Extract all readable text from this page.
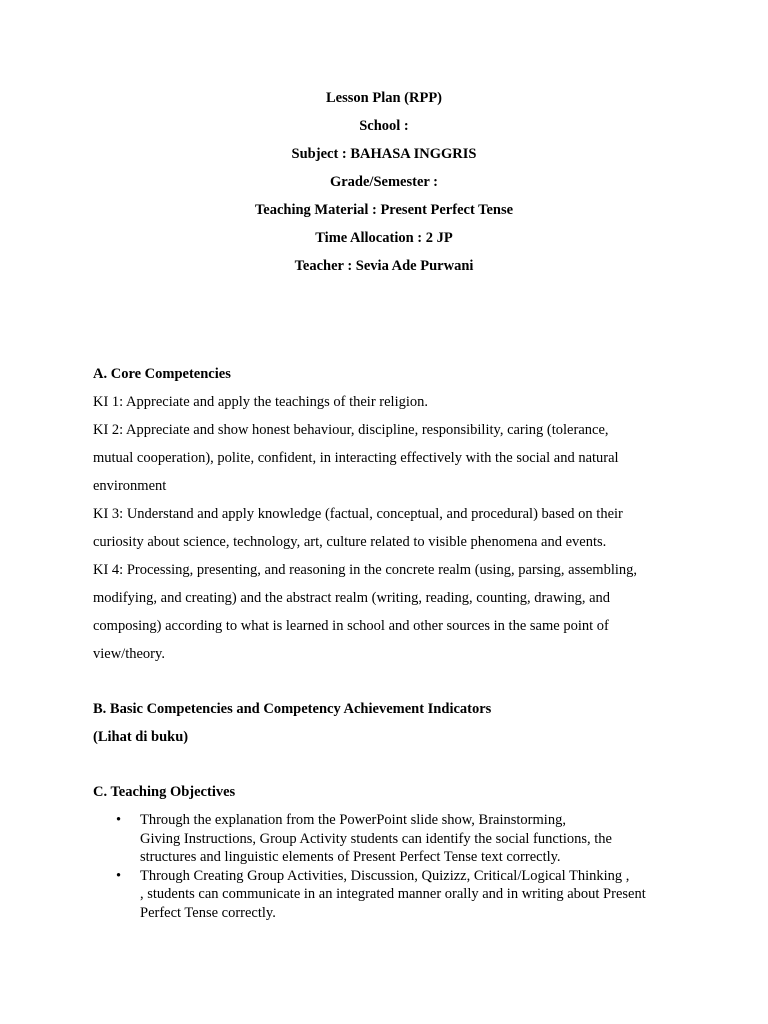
Lesson Plan (RPP)
School :
Subject : BAHASA INGGRIS
Grade/Semester :
Teaching Material : Present Perfect Tense
Time Allocation : 2 JP
Teacher : Sevia Ade Purwani
A. Core Competencies
KI 1: Appreciate and apply the teachings of their religion.
KI 2: Appreciate and show honest behaviour, discipline, responsibility, caring (tolerance,
mutual cooperation), polite, confident, in interacting effectively with the social and natural
environment
KI 3: Understand and apply knowledge (factual, conceptual, and procedural) based on their
curiosity about science, technology, art, culture related to visible phenomena and events.
KI 4: Processing, presenting, and reasoning in the concrete realm (using, parsing, assembling,
modifying, and creating) and the abstract realm (writing, reading, counting, drawing, and
composing) according to what is learned in school and other sources in the same point of
view/theory.
B. Basic Competencies and Competency Achievement Indicators
(Lihat di buku)
C. Teaching Objectives
• Through the explanation from the PowerPoint slide show, Brainstorming,
Giving Instructions, Group Activity students can identify the social functions, the
structures and linguistic elements of Present Perfect Tense text correctly.
• Through Creating Group Activities, Discussion, Quizizz, Critical/Logical Thinking ,
, students can communicate in an integrated manner orally and in writing about Present
Perfect Tense correctly.
